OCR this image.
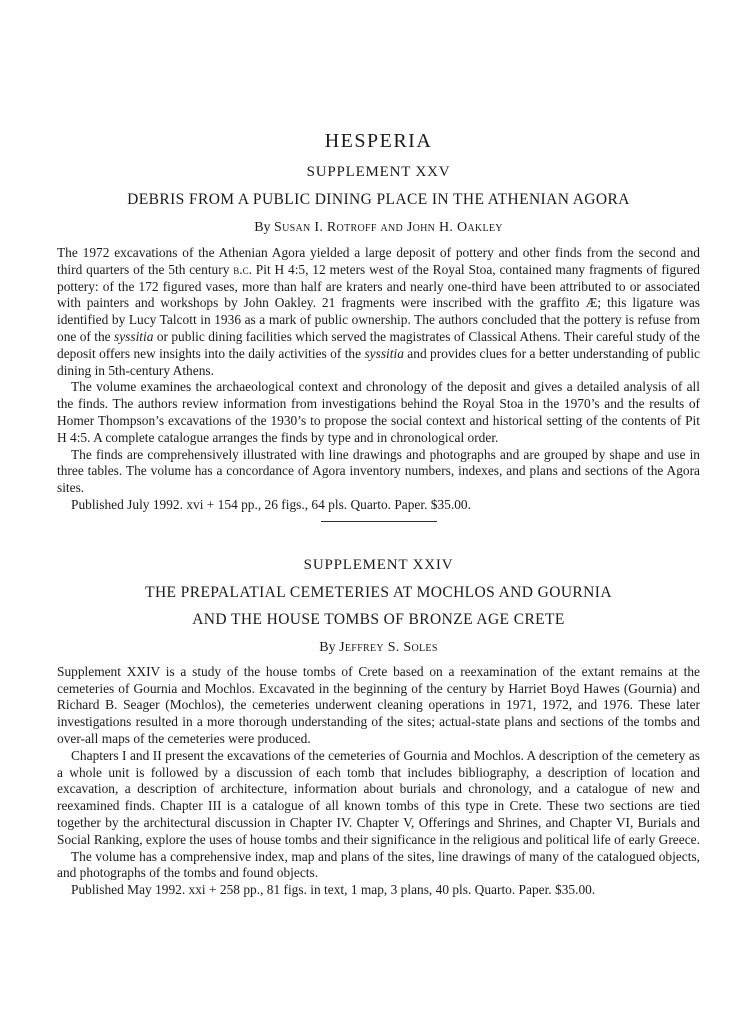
HESPERIA
SUPPLEMENT XXV
DEBRIS FROM A PUBLIC DINING PLACE IN THE ATHENIAN AGORA
By Susan I. Rotroff and John H. Oakley

The 1972 excavations of the Athenian Agora yielded a large deposit of pottery and other finds from the second and third quarters of the 5th century b.c. Pit H 4:5, 12 meters west of the Royal Stoa, contained many fragments of figured pottery: of the 172 figured vases, more than half are kraters and nearly one-third have been attributed to or associated with painters and workshops by John Oakley. 21 fragments were inscribed with the graffito Æ; this ligature was identified by Lucy Talcott in 1936 as a mark of public ownership. The authors concluded that the pottery is refuse from one of the syssitia or public dining facilities which served the magistrates of Classical Athens. Their careful study of the deposit offers new insights into the daily activities of the syssitia and provides clues for a better understanding of public dining in 5th-century Athens.

The volume examines the archaeological context and chronology of the deposit and gives a detailed analysis of all the finds. The authors review information from investigations behind the Royal Stoa in the 1970’s and the results of Homer Thompson’s excavations of the 1930’s to propose the social context and historical setting of the contents of Pit H 4:5. A complete catalogue arranges the finds by type and in chronological order.

The finds are comprehensively illustrated with line drawings and photographs and are grouped by shape and use in three tables. The volume has a concordance of Agora inventory numbers, indexes, and plans and sections of the Agora sites.

Published July 1992. xvi + 154 pp., 26 figs., 64 pls. Quarto. Paper. $35.00.

SUPPLEMENT XXIV
THE PREPALATIAL CEMETERIES AT MOCHLOS AND GOURNIA
AND THE HOUSE TOMBS OF BRONZE AGE CRETE
By Jeffrey S. Soles

Supplement XXIV is a study of the house tombs of Crete based on a reexamination of the extant remains at the cemeteries of Gournia and Mochlos. Excavated in the beginning of the century by Harriet Boyd Hawes (Gournia) and Richard B. Seager (Mochlos), the cemeteries underwent cleaning operations in 1971, 1972, and 1976. These later investigations resulted in a more thorough understanding of the sites; actual-state plans and sections of the tombs and over-all maps of the cemeteries were produced.

Chapters I and II present the excavations of the cemeteries of Gournia and Mochlos. A description of the cemetery as a whole unit is followed by a discussion of each tomb that includes bibliography, a description of location and excavation, a description of architecture, information about burials and chronology, and a catalogue of new and reexamined finds. Chapter III is a catalogue of all known tombs of this type in Crete. These two sections are tied together by the architectural discussion in Chapter IV. Chapter V, Offerings and Shrines, and Chapter VI, Burials and Social Ranking, explore the uses of house tombs and their significance in the religious and political life of early Greece.

The volume has a comprehensive index, map and plans of the sites, line drawings of many of the catalogued objects, and photographs of the tombs and found objects.

Published May 1992. xxi + 258 pp., 81 figs. in text, 1 map, 3 plans, 40 pls. Quarto. Paper. $35.00.
